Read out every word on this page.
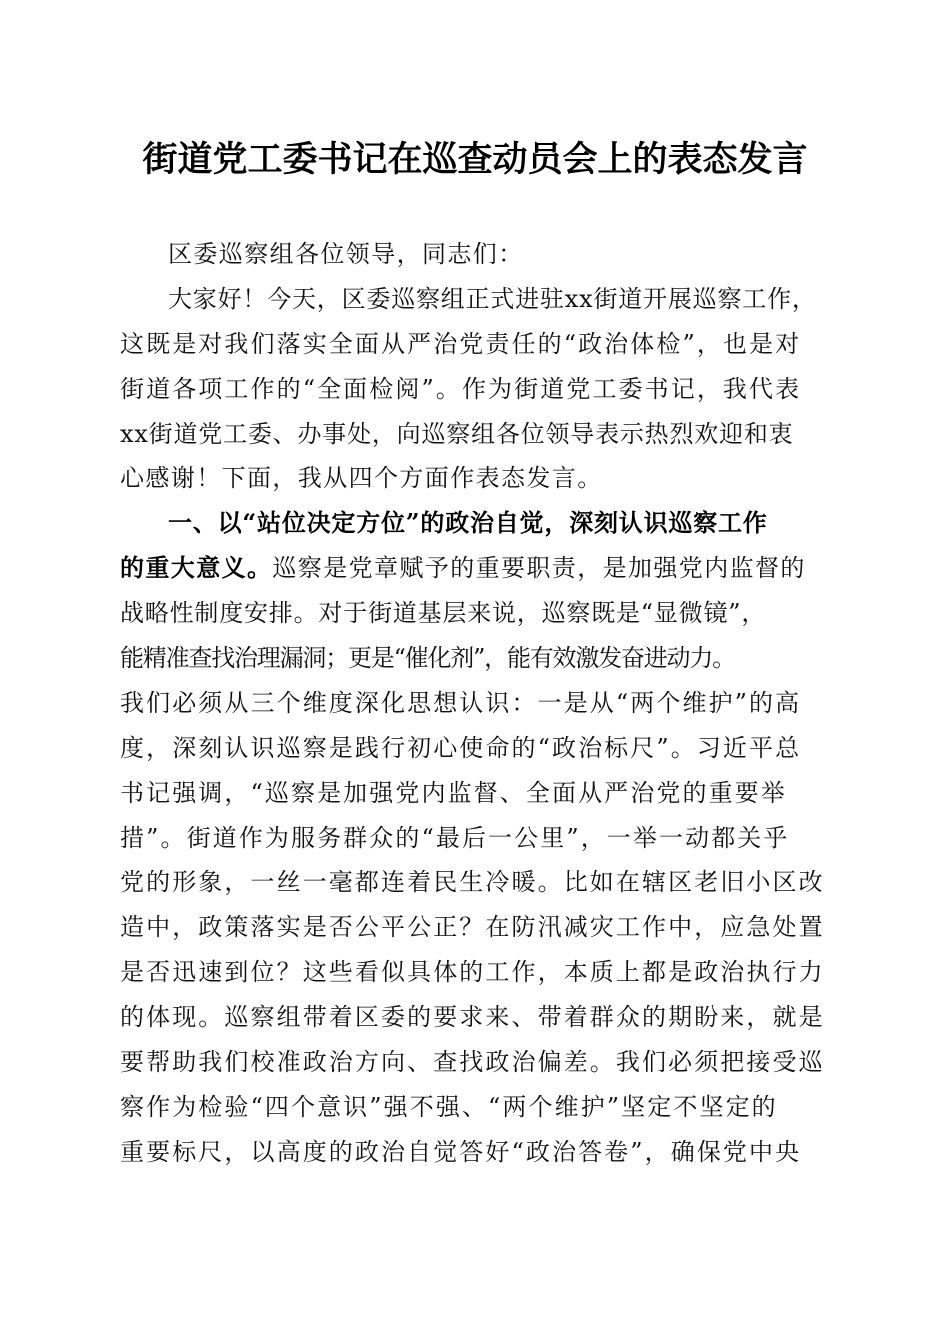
街道党工委书记在巡查动员会上的表态发言
区委巡察组各位领导，同志们：
大家好！今天，区委巡察组正式进驻xx街道开展巡察工作，
这既是对我们落实全面从严治党责任的“政治体检”，也是对
街道各项工作的“全面检阅”。作为街道党工委书记，我代表
xx街道党工委、办事处，向巡察组各位领导表示热烈欢迎和衷
心感谢！下面，我从四个方面作表态发言。
一、以“站位决定方位”的政治自觉，深刻认识巡察工作
的重大意义。巡察是党章赋予的重要职责，是加强党内监督的
战略性制度安排。对于街道基层来说，巡察既是“显微镜”，
能精准查找治理漏洞；更是“催化剂”，能有效激发奋进动力。
我们必须从三个维度深化思想认识：一是从“两个维护”的高
度，深刻认识巡察是践行初心使命的“政治标尺”。习近平总
书记强调，“巡察是加强党内监督、全面从严治党的重要举
措”。街道作为服务群众的“最后一公里”，一举一动都关乎
党的形象，一丝一毫都连着民生冷暖。比如在辖区老旧小区改
造中，政策落实是否公平公正？在防汛减灾工作中，应急处置
是否迅速到位？这些看似具体的工作，本质上都是政治执行力
的体现。巡察组带着区委的要求来、带着群众的期盼来，就是
要帮助我们校准政治方向、查找政治偏差。我们必须把接受巡
察作为检验“四个意识”强不强、“两个维护”坚定不坚定的
重要标尺，以高度的政治自觉答好“政治答卷”，确保党中央
